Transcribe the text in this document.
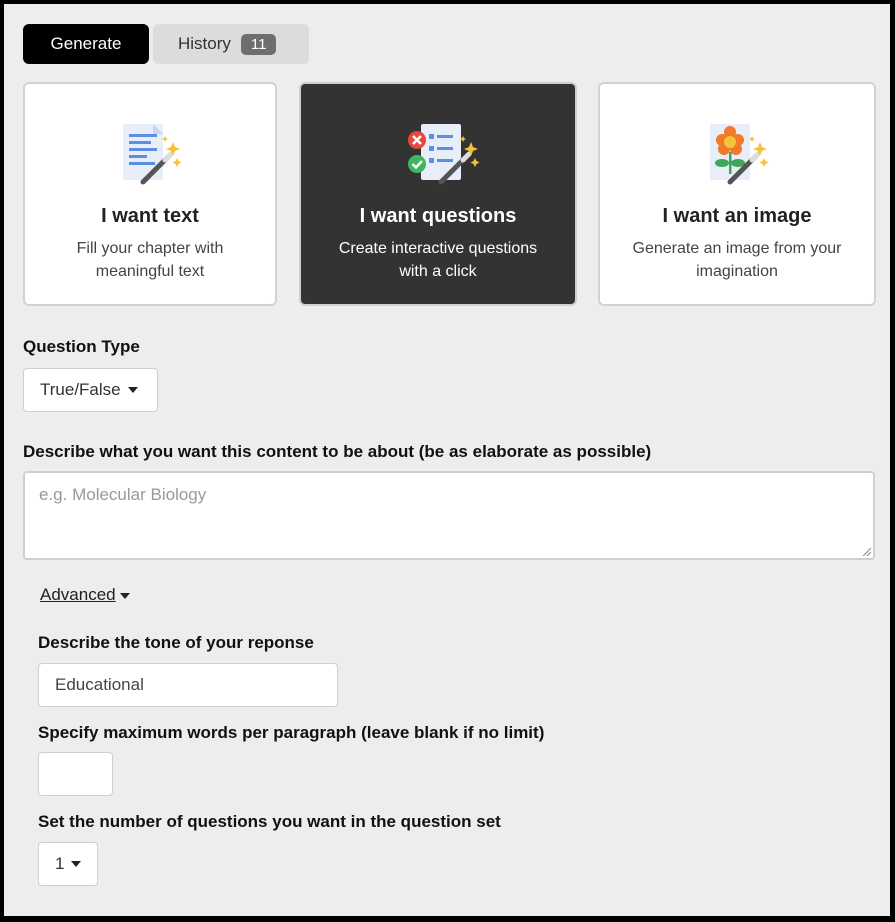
Generate	History	11
I want text
Fill your chapter with
meaningful text
I want questions
Create interactive questions
with a click
I want an image
Generate an image from your
imagination
Question Type
True/False
Describe what you want this content to be about (be as elaborate as possible)
e.g. Molecular Biology
Advanced
Describe the tone of your reponse
Educational
Specify maximum words per paragraph (leave blank if no limit)
Set the number of questions you want in the question set
1
